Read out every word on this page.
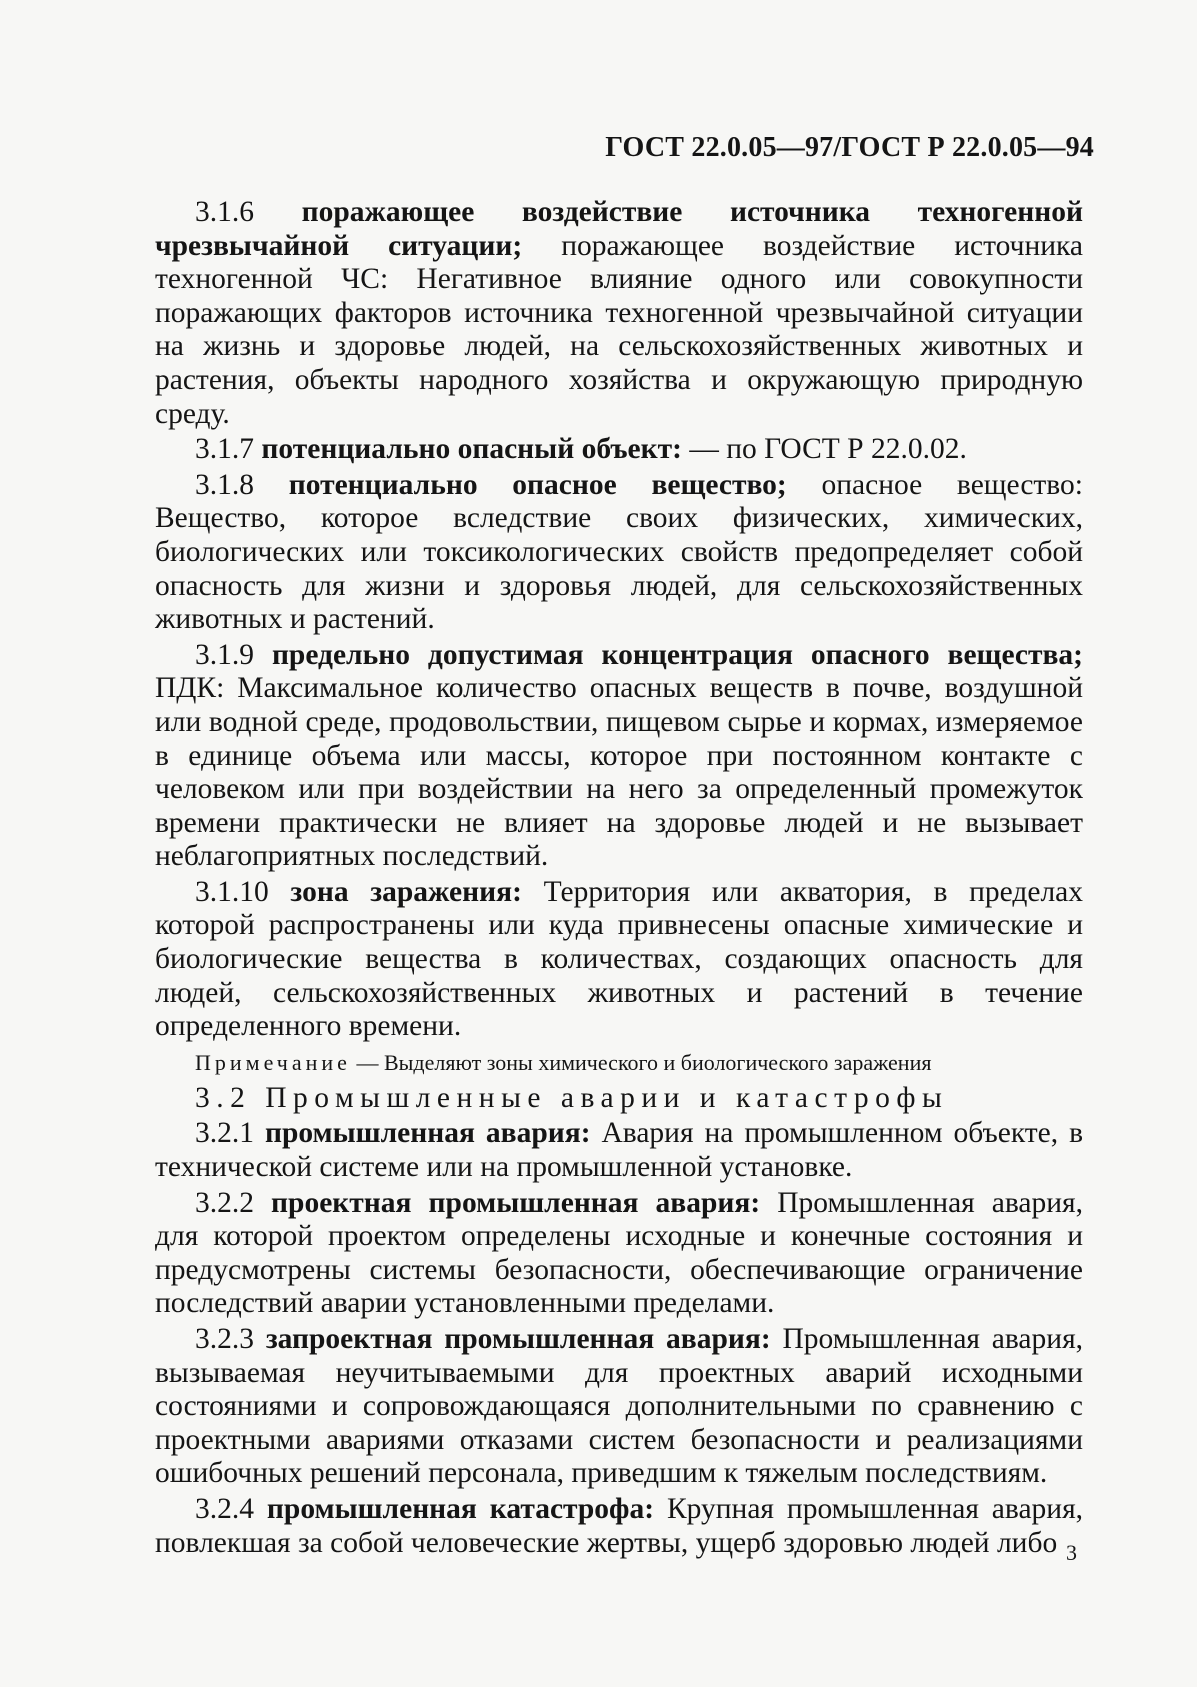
ГОСТ 22.0.05—97/ГОСТ Р 22.0.05—94

3.1.6 поражающее воздействие источника техногенной чрезвычайной ситуации; поражающее воздействие источника техногенной ЧС: Негативное влияние одного или совокупности поражающих факторов источника техногенной чрезвычайной ситуации на жизнь и здоровье людей, на сельскохозяйственных животных и растения, объекты народного хозяйства и окружающую природную среду.

3.1.7 потенциально опасный объект: — по ГОСТ Р 22.0.02.

3.1.8 потенциально опасное вещество; опасное вещество: Вещество, которое вследствие своих физических, химических, биологических или токсикологических свойств предопределяет собой опасность для жизни и здоровья людей, для сельскохозяйственных животных и растений.

3.1.9 предельно допустимая концентрация опасного вещества; ПДК: Максимальное количество опасных веществ в почве, воздушной или водной среде, продовольствии, пищевом сырье и кормах, измеряемое в единице объема или массы, которое при постоянном контакте с человеком или при воздействии на него за определенный промежуток времени практически не влияет на здоровье людей и не вызывает неблагоприятных последствий.

3.1.10 зона заражения: Территория или акватория, в пределах которой распространены или куда привнесены опасные химические и биологические вещества в количествах, создающих опасность для людей, сельскохозяйственных животных и растений в течение определенного времени.

Примечание — Выделяют зоны химического и биологического заражения

3.2 Промышленные аварии и катастрофы

3.2.1 промышленная авария: Авария на промышленном объекте, в технической системе или на промышленной установке.

3.2.2 проектная промышленная авария: Промышленная авария, для которой проектом определены исходные и конечные состояния и предусмотрены системы безопасности, обеспечивающие ограничение последствий аварии установленными пределами.

3.2.3 запроектная промышленная авария: Промышленная авария, вызываемая неучитываемыми для проектных аварий исходными состояниями и сопровождающаяся дополнительными по сравнению с проектными авариями отказами систем безопасности и реализациями ошибочных решений персонала, приведшим к тяжелым последствиям.

3.2.4 промышленная катастрофа: Крупная промышленная авария, повлекшая за собой человеческие жертвы, ущерб здоровью людей либо 3
